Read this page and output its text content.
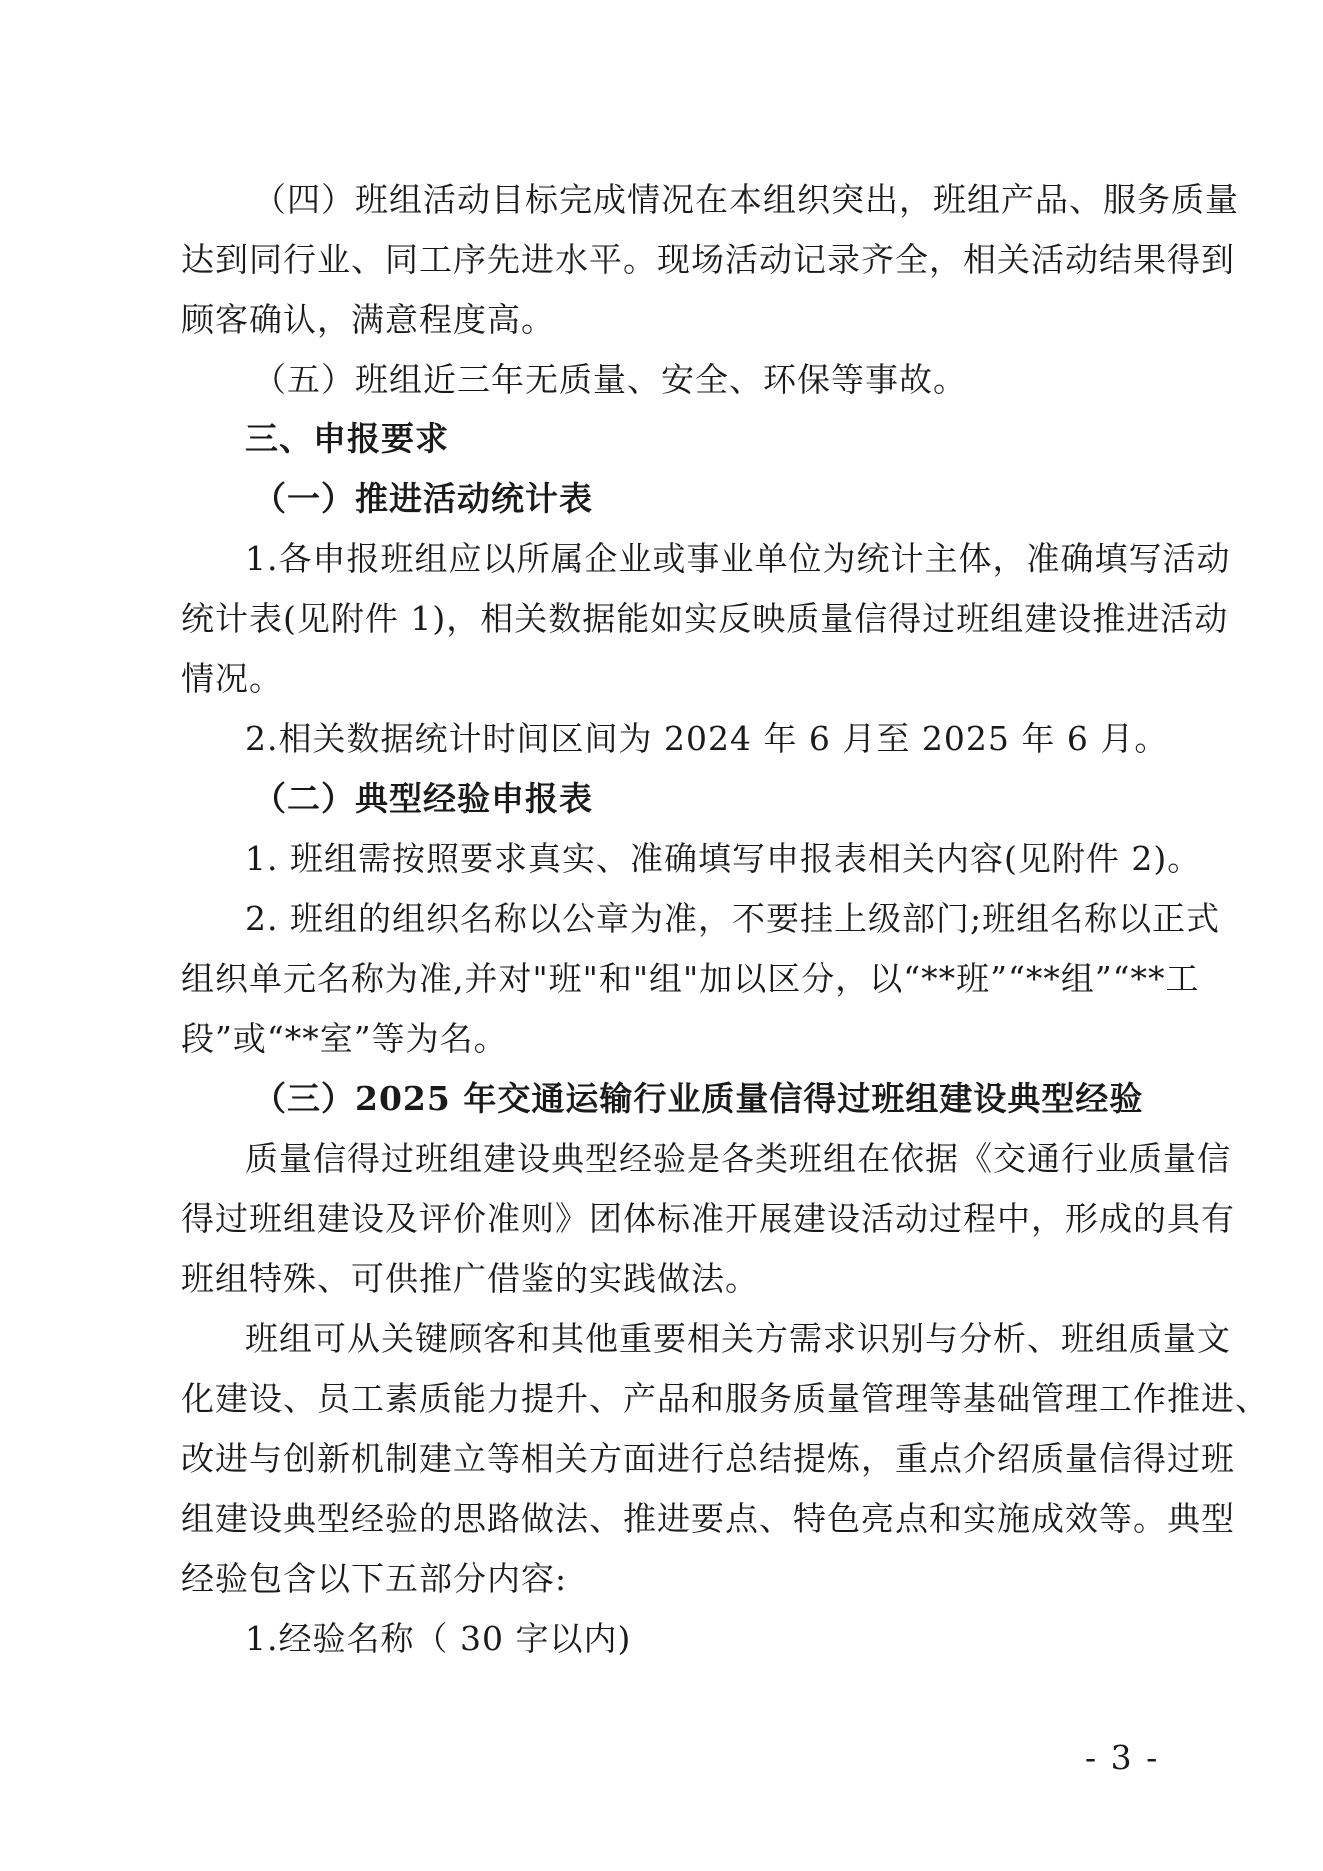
（四）班组活动目标完成情况在本组织突出，班组产品、服务质量
达到同行业、同工序先进水平。现场活动记录齐全，相关活动结果得到
顾客确认，满意程度高。
（五）班组近三年无质量、安全、环保等事故。
三、申报要求
（一）推进活动统计表
1.各申报班组应以所属企业或事业单位为统计主体，准确填写活动
统计表(见附件 1)，相关数据能如实反映质量信得过班组建设推进活动
情况。
2.相关数据统计时间区间为 2024 年 6 月至 2025 年 6 月。
（二）典型经验申报表
1. 班组需按照要求真实、准确填写申报表相关内容(见附件 2)。
2. 班组的组织名称以公章为准，不要挂上级部门;班组名称以正式
组织单元名称为准,并对"班"和"组"加以区分，以“**班”“**组”“**工
段”或“**室”等为名。
（三）2025 年交通运输行业质量信得过班组建设典型经验
质量信得过班组建设典型经验是各类班组在依据《交通行业质量信
得过班组建设及评价准则》团体标准开展建设活动过程中，形成的具有
班组特殊、可供推广借鉴的实践做法。
班组可从关键顾客和其他重要相关方需求识别与分析、班组质量文
化建设、员工素质能力提升、产品和服务质量管理等基础管理工作推进、
改进与创新机制建立等相关方面进行总结提炼，重点介绍质量信得过班
组建设典型经验的思路做法、推进要点、特色亮点和实施成效等。典型
经验包含以下五部分内容:
1.经验名称（ 30 字以内)
- 3 -
